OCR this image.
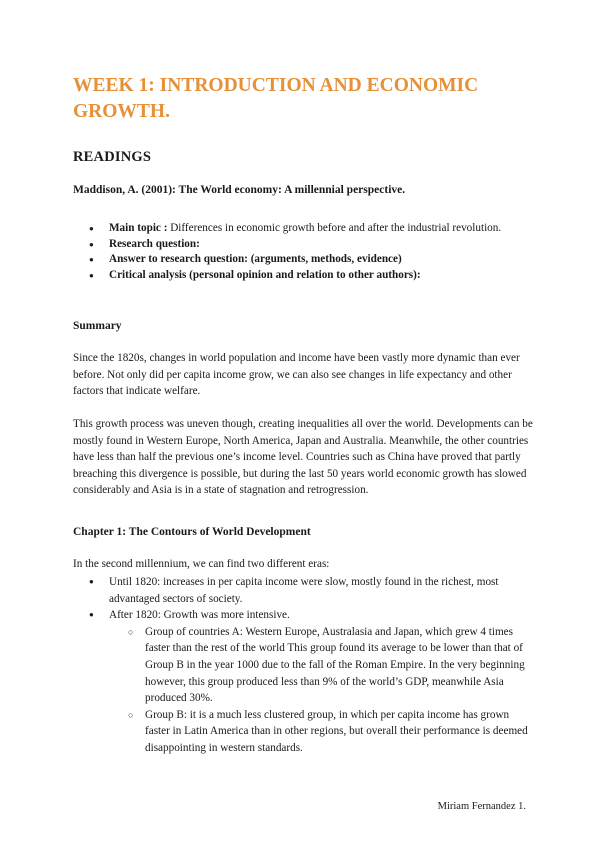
WEEK 1: INTRODUCTION AND ECONOMIC GROWTH.
READINGS

Maddison, A. (2001): The World economy: A millennial perspective.

● Main topic : Differences in economic growth before and after the industrial revolution.
● Research question:
● Answer to research question: (arguments, methods, evidence)
● Critical analysis (personal opinion and relation to other authors):
Summary

Since the 1820s, changes in world population and income have been vastly more dynamic than ever before. Not only did per capita income grow, we can also see changes in life expectancy and other factors that indicate welfare.

This growth process was uneven though, creating inequalities all over the world. Developments can be mostly found in Western Europe, North America, Japan and Australia. Meanwhile, the other countries have less than half the previous one’s income level. Countries such as China have proved that partly breaching this divergence is possible, but during the last 50 years world economic growth has slowed considerably and Asia is in a state of stagnation and retrogression.

Chapter 1: The Contours of World Development

In the second millennium, we can find two different eras:

● Until 1820: increases in per capita income were slow, mostly found in the richest, most advantaged sectors of society.
● After 1820: Growth was more intensive.
○ Group of countries A: Western Europe, Australasia and Japan, which grew 4 times faster than the rest of the world This group found its average to be lower than that of Group B in the year 1000 due to the fall of the Roman Empire. In the very beginning however, this group produced less than 9% of the world’s GDP, meanwhile Asia produced 30%.
○ Group B: it is a much less clustered group, in which per capita income has grown faster in Latin America than in other regions, but overall their performance is deemed disappointing in western standards.

Miriam Fernandez 1.
